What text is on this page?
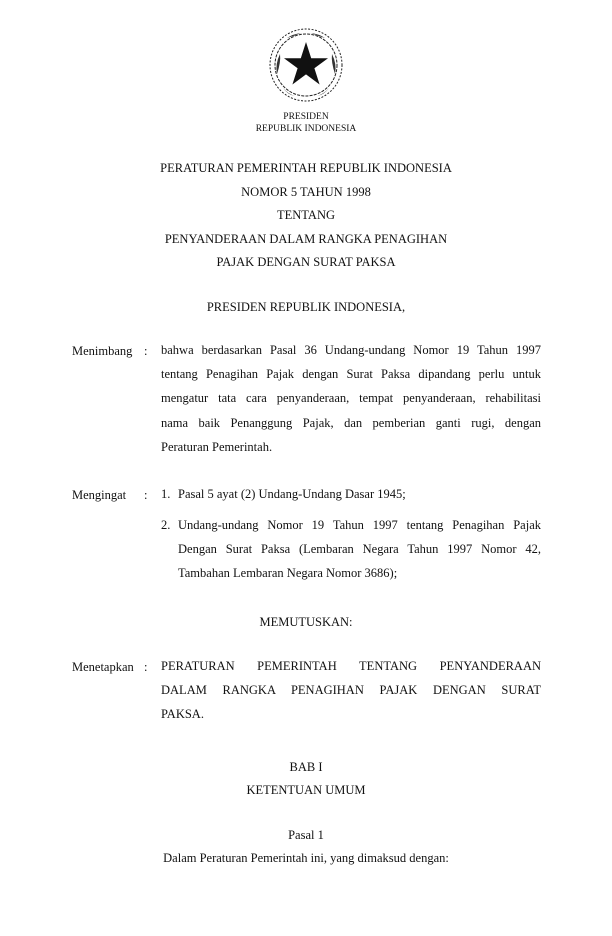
PRESIDEN
REPUBLIK INDONESIA
PERATURAN PEMERINTAH REPUBLIK INDONESIA
NOMOR 5 TAHUN 1998
TENTANG
PENYANDERAAN DALAM RANGKA PENAGIHAN
PAJAK DENGAN SURAT PAKSA
PRESIDEN REPUBLIK INDONESIA,
Menimbang : bahwa berdasarkan Pasal 36 Undang-undang Nomor 19 Tahun 1997
tentang Penagihan Pajak dengan Surat Paksa dipandang perlu untuk
mengatur tata cara penyanderaan, tempat penyanderaan, rehabilitasi
nama baik Penanggung Pajak, dan pemberian ganti rugi, dengan
Peraturan Pemerintah.
Mengingat : 1. Pasal 5 ayat (2) Undang-Undang Dasar 1945;
2. Undang-undang Nomor 19 Tahun 1997 tentang Penagihan Pajak
Dengan Surat Paksa (Lembaran Negara Tahun 1997 Nomor 42,
Tambahan Lembaran Negara Nomor 3686);
MEMUTUSKAN:
Menetapkan : PERATURAN PEMERINTAH TENTANG PENYANDERAAN
DALAM RANGKA PENAGIHAN PAJAK DENGAN SURAT
PAKSA.
BAB I
KETENTUAN UMUM
Pasal 1
Dalam Peraturan Pemerintah ini, yang dimaksud dengan:
